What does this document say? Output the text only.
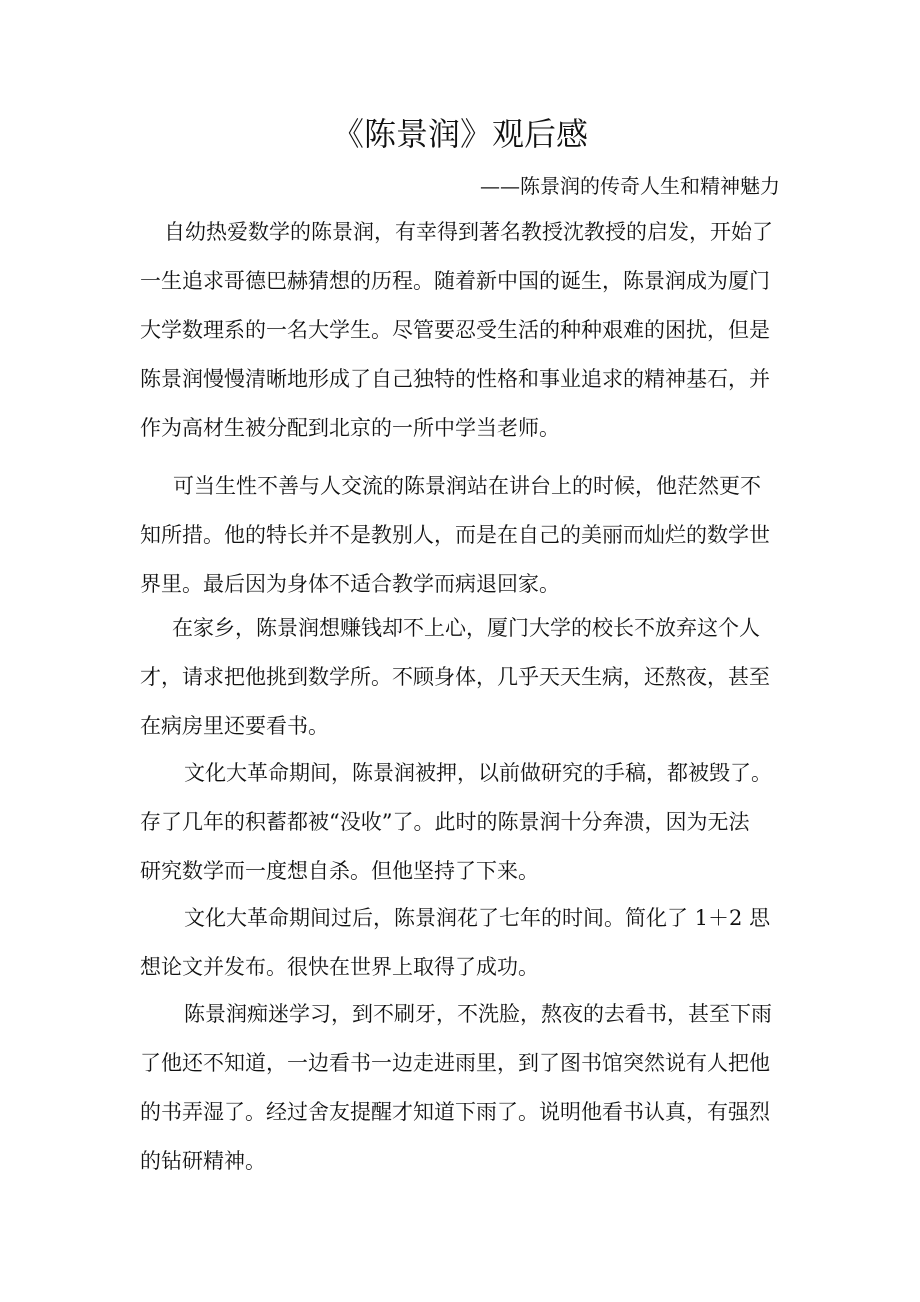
《陈景润》观后感
——陈景润的传奇人生和精神魅力
自幼热爱数学的陈景润，有幸得到著名教授沈教授的启发，开始了
一生追求哥德巴赫猜想的历程。随着新中国的诞生，陈景润成为厦门
大学数理系的一名大学生。尽管要忍受生活的种种艰难的困扰，但是
陈景润慢慢清晰地形成了自己独特的性格和事业追求的精神基石，并
作为高材生被分配到北京的一所中学当老师。
可当生性不善与人交流的陈景润站在讲台上的时候，他茫然更不
知所措。他的特长并不是教别人，而是在自己的美丽而灿烂的数学世
界里。最后因为身体不适合教学而病退回家。
在家乡，陈景润想赚钱却不上心，厦门大学的校长不放弃这个人
才，请求把他挑到数学所。不顾身体，几乎天天生病，还熬夜，甚至
在病房里还要看书。
文化大革命期间，陈景润被押，以前做研究的手稿，都被毁了。
存了几年的积蓄都被“没收”了。此时的陈景润十分奔溃，因为无法
研究数学而一度想自杀。但他坚持了下来。
文化大革命期间过后，陈景润花了七年的时间。简化了 1＋2 思
想论文并发布。很快在世界上取得了成功。
陈景润痴迷学习，到不刷牙，不洗脸，熬夜的去看书，甚至下雨
了他还不知道，一边看书一边走进雨里，到了图书馆突然说有人把他
的书弄湿了。经过舍友提醒才知道下雨了。说明他看书认真，有强烈
的钻研精神。
